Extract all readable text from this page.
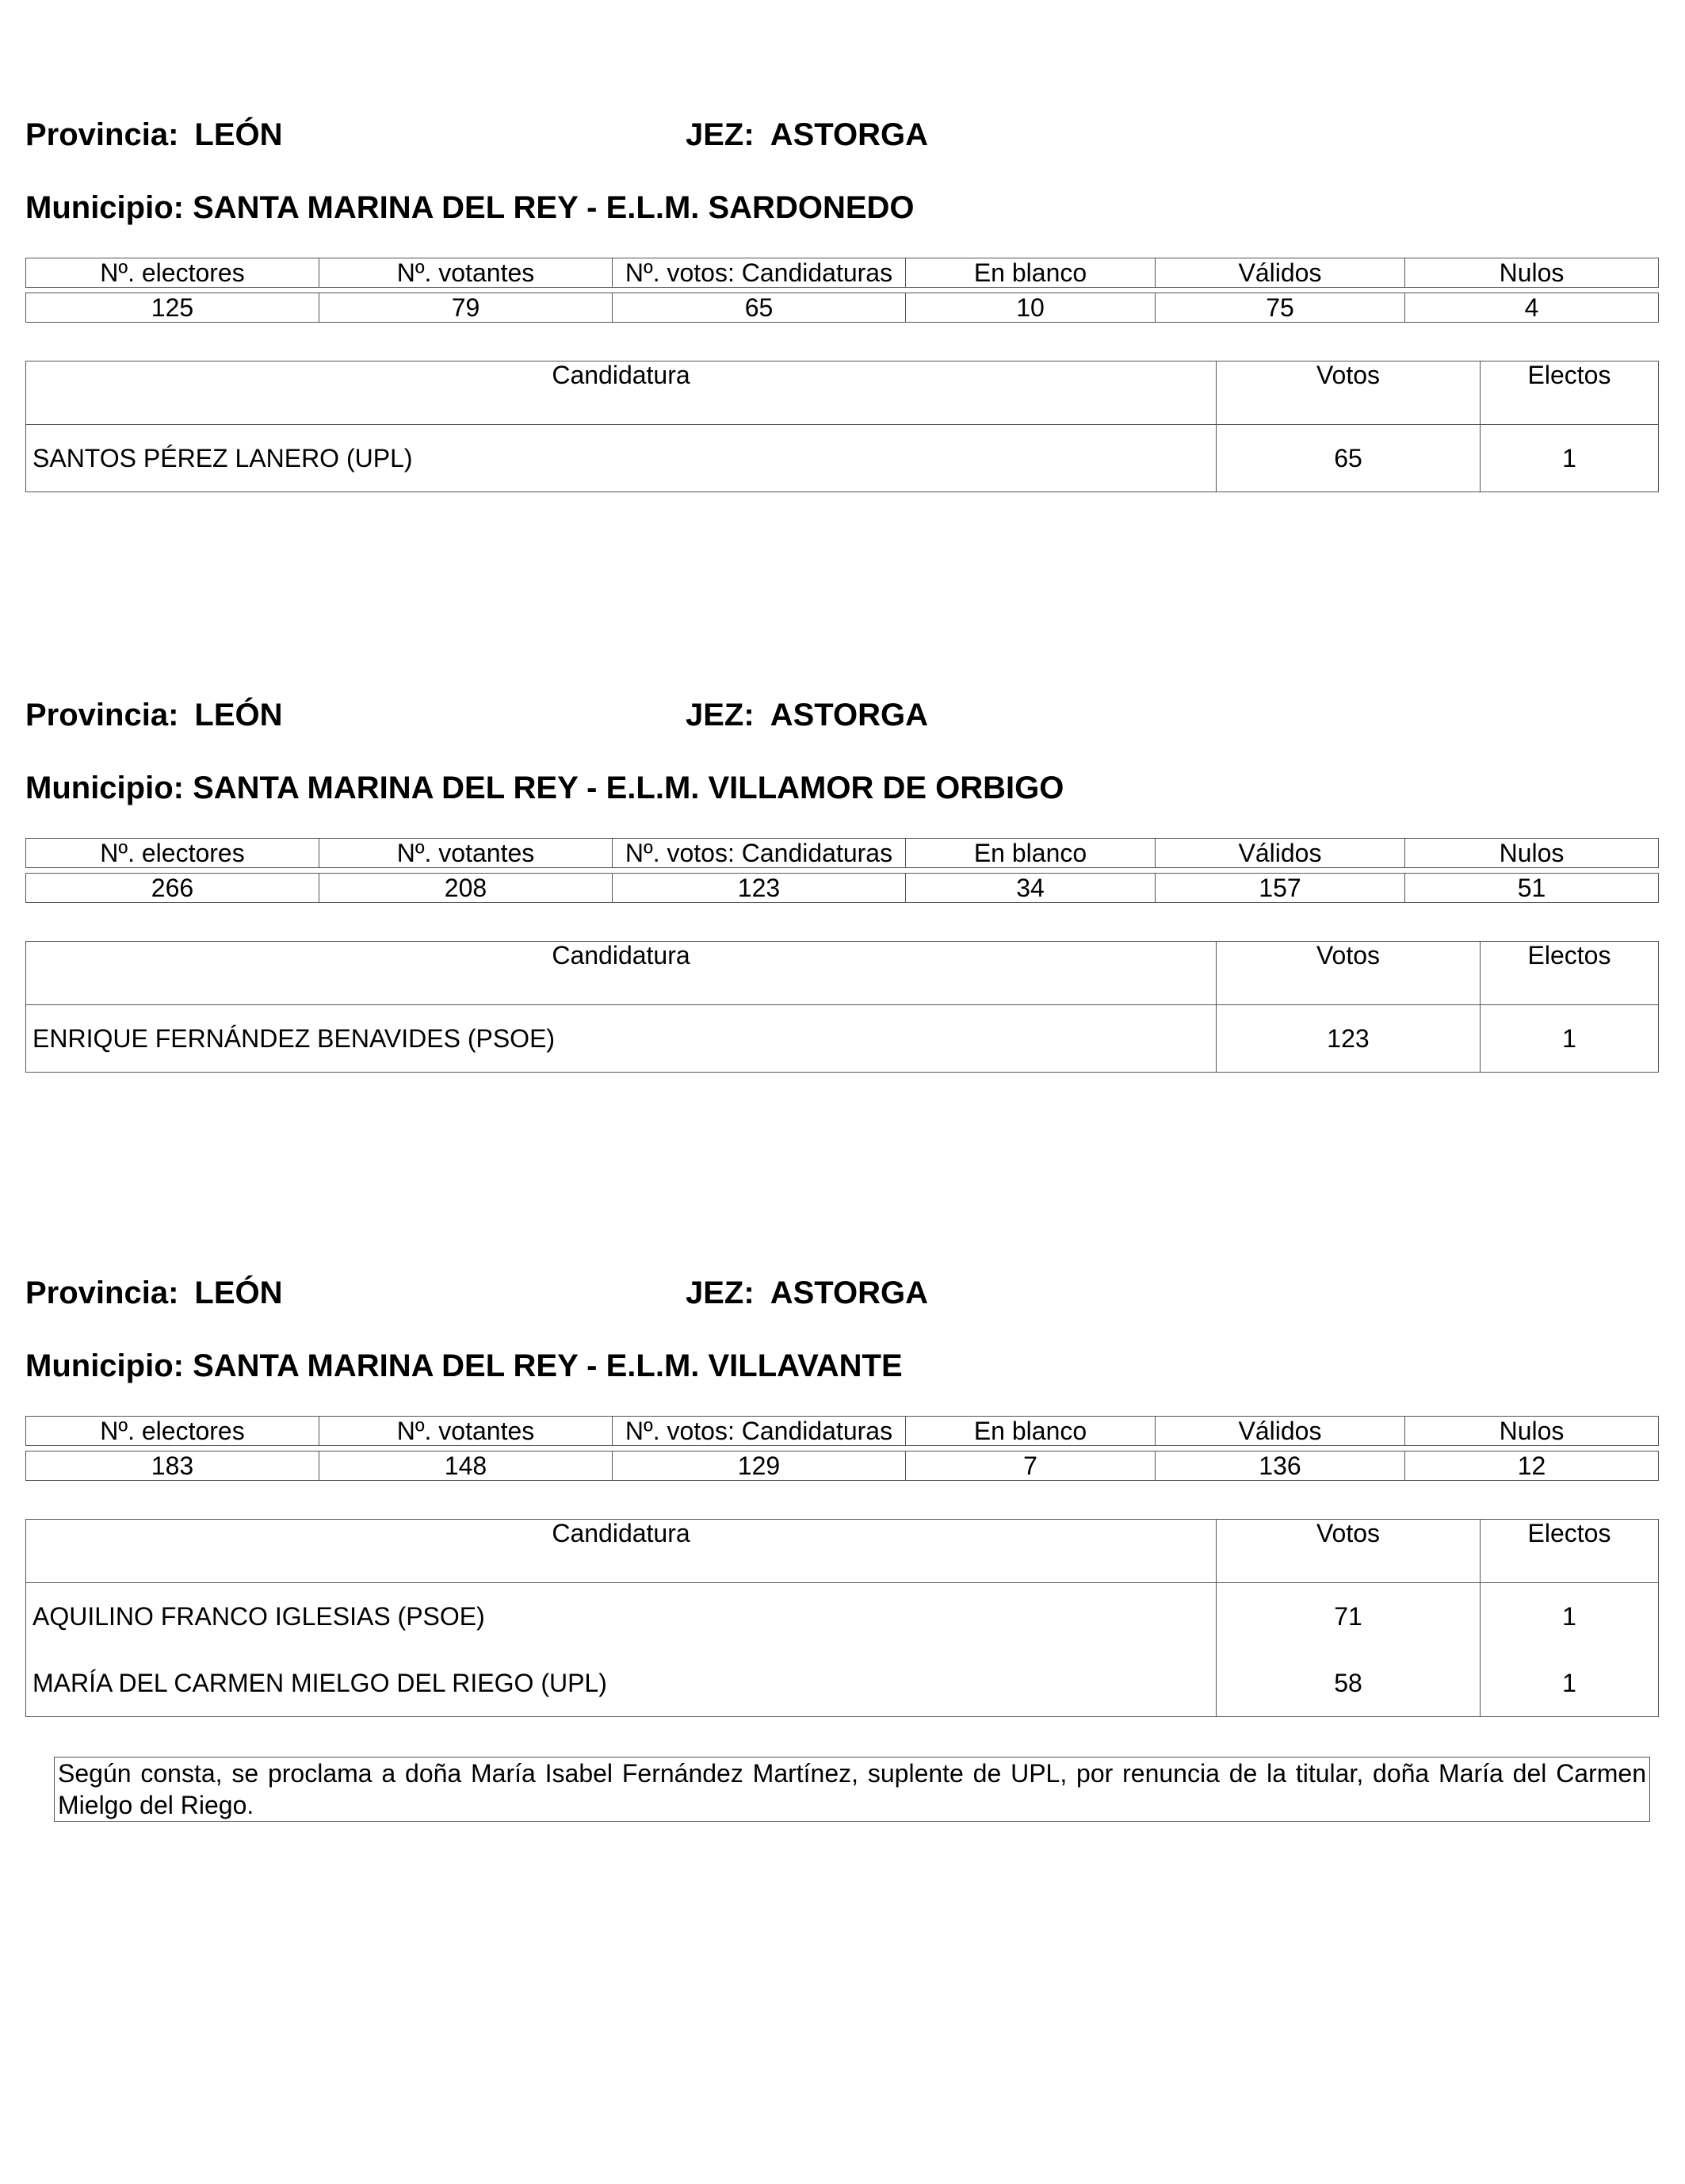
Provincia: LEÓN	JEZ: ASTORGA
Municipio: SANTA MARINA DEL REY - E.L.M. SARDONEDO
Nº. electores	Nº. votantes	Nº. votos: Candidaturas	En blanco	Válidos	Nulos

125	79	65	10	75	4
Candidatura	Votos	Electos
SANTOS PÉREZ LANERO (UPL)	65	1
Provincia: LEÓN	JEZ: ASTORGA
Municipio: SANTA MARINA DEL REY - E.L.M. VILLAMOR DE ORBIGO
Nº. electores	Nº. votantes	Nº. votos: Candidaturas	En blanco	Válidos	Nulos

266	208	123	34	157	51
Candidatura	Votos	Electos
ENRIQUE FERNÁNDEZ BENAVIDES (PSOE)	123	1
Provincia: LEÓN	JEZ: ASTORGA
Municipio: SANTA MARINA DEL REY - E.L.M. VILLAVANTE
Nº. electores	Nº. votantes	Nº. votos: Candidaturas	En blanco	Válidos	Nulos

183	148	129	7	136	12
Candidatura	Votos	Electos
AQUILINO FRANCO IGLESIAS (PSOE)	71	1
MARÍA DEL CARMEN MIELGO DEL RIEGO (UPL)	58	1
Según consta, se proclama a doña María Isabel Fernández Martínez, suplente de UPL, por renuncia de la titular, doña María del Carmen Mielgo del Riego.
